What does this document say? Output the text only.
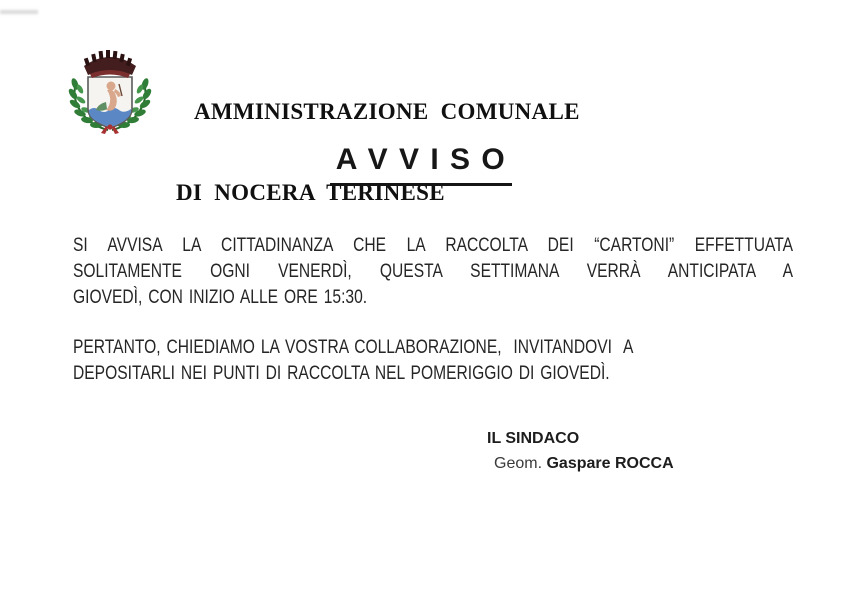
AMMINISTRAZIONE  COMUNALE

DI  NOCERA  TERINESE

A V V I S O
SI AVVISA LA CITTADINANZA CHE LA RACCOLTA DEI “CARTONI” EFFETTUATA
SOLITAMENTE OGNI VENERDÌ, QUESTA SETTIMANA VERRÀ ANTICIPATA A
GIOVEDÌ, CON INIZIO ALLE ORE 15:30.
PERTANTO, CHIEDIAMO LA VOSTRA COLLABORAZIONE,  INVITANDOVI  A
DEPOSITARLI NEI PUNTI DI RACCOLTA NEL POMERIGGIO DI GIOVEDÌ.
IL SINDACO
Geom. Gaspare ROCCA
